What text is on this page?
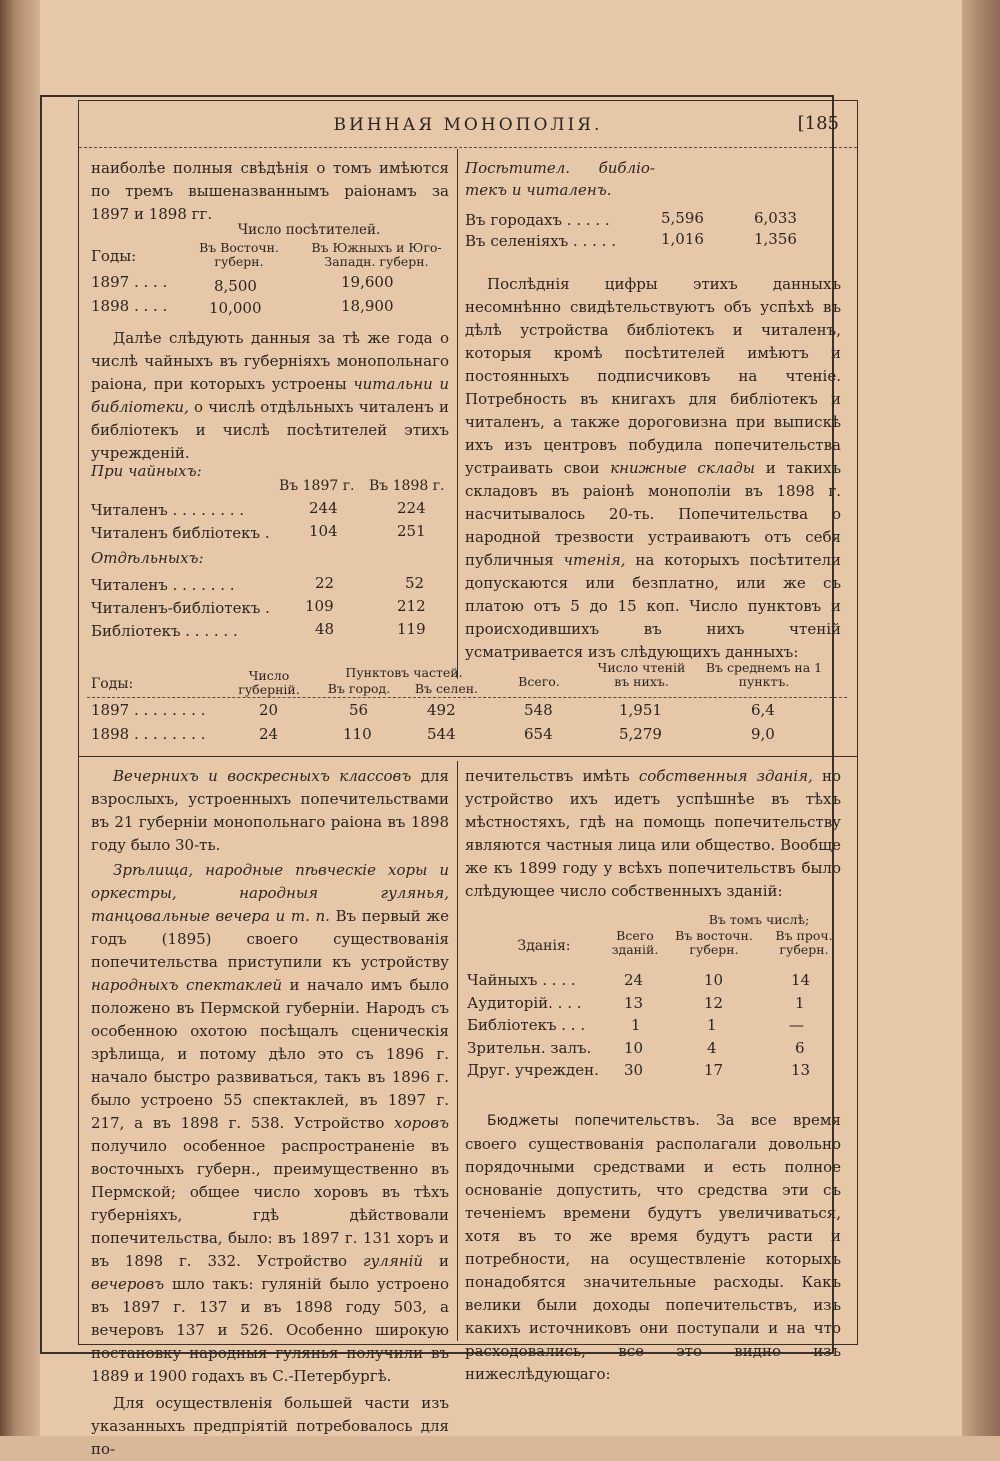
ВИННАЯ МОНОПОЛІЯ.	[185
наиболѣе полныя свѣдѣнія о томъ имѣются по тремъ вышеназваннымъ раіонамъ за 1897 и 1898 гг.
Число посѣтителей.
Годы:	Въ Восточн. губерн.
Въ Южныхъ и Юго-Западн. губерн.
1897 . . . .	8,500	19,600
1898 . . . .	10,000	18,900

Далѣе слѣдують данныя за тѣ же года о числѣ чайныхъ въ губерніяхъ монопольнаго раіона, при которыхъ устроены читальни и библіотеки, о числѣ отдѣльныхъ читаленъ и библіотекъ и числѣ посѣтителей этихъ учрежденій.

При чайныхъ:
Въ 1897 г. Въ 1898 г.
Читаленъ . . . . . . . .	244	224
Читаленъ библіотекъ .	104	251
Отдѣльныхъ:
Читаленъ . . . . . . .	22	52
Читаленъ-библіотекъ . 109	212
Библіотекъ . . . . . .	48	119
Посѣтител. библіо-текъ и читаленъ.
Въ городахъ . . . . .	5,596	6,033
Въ селеніяхъ . . . . .	1,016	1,356

Послѣднія цифры этихъ данныхъ несомнѣнно свидѣтельствуютъ объ успѣхѣ въ дѣлѣ устройства библіотекъ и читаленъ, которыя кромѣ посѣтителей имѣютъ и постоянныхъ подписчиковъ на чтеніе. Потребность въ книгахъ для библіотекъ и читаленъ, а также дороговизна при выпискѣ ихъ изъ центровъ побудила попечительства устраивать свои книжные склады и такихъ складовъ въ раіонѣ монополіи въ 1898 г. насчитывалось 20-ть. Попечительства о народной трезвости устраиваютъ отъ себя публичныя чтенія, на которыхъ посѣтители допускаются или безплатно, или же съ платою отъ 5 до 15 коп. Число пунктовъ и происходившихъ въ нихъ чтеній усматривается изъ слѣдующихъ данныхъ:

Годы:
Число губерній.
Пунктовъ частей.
Въ город.	Въ селен.	Всего.
Число чтеній въ нихъ.
Въ среднемъ на 1 пунктъ.
1897 . . . . . . . .	20	56	492	548	1,951	6,4
1898 . . . . . . . .	24	110	544	654	5,279	9,0

Вечернихъ и воскресныхъ классовъ для взрослыхъ, устроенныхъ попечительствами въ 21 губерніи монопольнаго раіона въ 1898 году было 30-ть.

Зрѣлища, народные пѣвческіе хоры и оркестры, народныя гулянья, танцовальные вечера и т. п. Въ первый же годъ (1895) своего существованія попечительства приступили къ устройству народныхъ спектаклей и начало имъ было положено въ Пермской губерніи. Народъ съ особенною охотою посѣщалъ сценическія зрѣлища, и потому дѣло это съ 1896 г. начало быстро развиваться, такъ въ 1896 г. было устроено 55 спектаклей, въ 1897 г. 217, а въ 1898 г. 538. Устройство хоровъ получило особенное распространеніе въ восточныхъ губерн., преимущественно въ Пермской; общее число хоровъ въ тѣхъ губерніяхъ, гдѣ дѣйствовали попечительства, было: въ 1897 г. 131 хоръ и въ 1898 г. 332. Устройство гуляній и вечеровъ шло такъ: гуляній было устроено въ 1897 г. 137 и въ 1898 году 503, а вечеровъ 137 и 526. Особенно широкую постановку народныя гулянья получили въ 1889 и 1900 годахъ въ С.-Петербургѣ.

Для осуществленія большей части изъ указанныхъ предпріятій потребовалось для по-

печительствъ имѣть собственныя зданія, но устройство ихъ идетъ успѣшнѣе въ тѣхъ мѣстностяхъ, гдѣ на помощь попечительству являются частныя лица или общество. Вообще же къ 1899 году у всѣхъ попечительствъ было слѣдующее число собственныхъ зданій:
Зданія:
Всего зданій.
Въ томъ числѣ;
Въ восточн. губерн.
Въ проч. губерн.
Чайныхъ . . . .	24	10	14
Аудиторій. . . .	13	12	1
Библіотекъ . . .	1	1	—
Зрительн. залъ. 10	4	6
Друг. учрежден. 30	17	13

Бюджеты попечительствъ. За все время своего существованія располагали довольно порядочными средствами и есть полное основаніе допустить, что средства эти съ теченіемъ времени будутъ увеличиваться, хотя въ то же время будутъ расти и потребности, на осуществленіе которыхъ понадобятся значительные расходы. Какъ велики были доходы попечительствъ, изъ какихъ источниковъ они поступали и на что расходовались, все это видно изъ нижеслѣдующаго:
